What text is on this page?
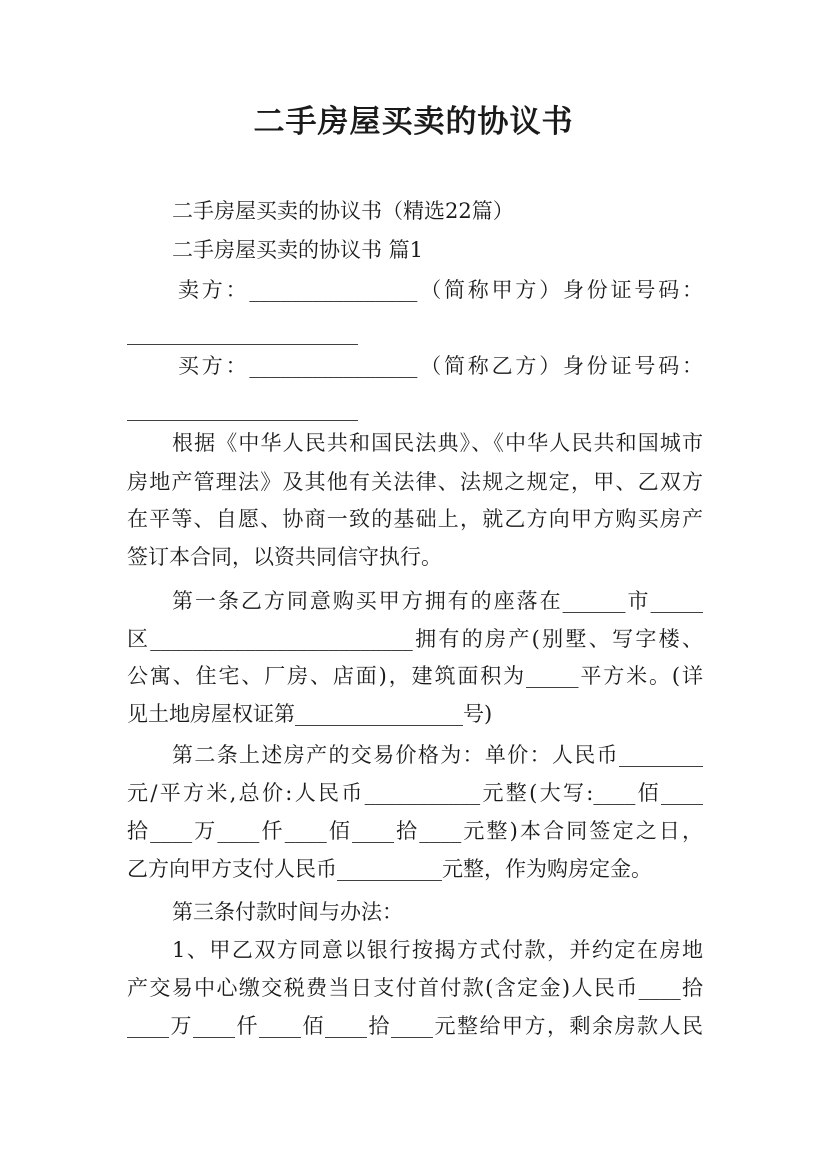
二手房屋买卖的协议书
二手房屋买卖的协议书（精选22篇）
二手房屋买卖的协议书 篇1
卖方：________________（简称甲方）身份证号码：
______________________
买方：________________（简称乙方）身份证号码：
______________________
根据《中华人民共和国民法典》、《中华人民共和国城市
房地产管理法》及其他有关法律、法规之规定，甲、乙双方
在平等、自愿、协商一致的基础上，就乙方向甲方购买房产
签订本合同，以资共同信守执行。
第一条乙方同意购买甲方拥有的座落在______市_____
区_________________________拥有的房产(别墅、写字楼、
公寓、住宅、厂房、店面)，建筑面积为_____平方米。(详
见土地房屋权证第________________号)
第二条上述房产的交易价格为：单价：人民币________
元/平方米,总价:人民币___________元整(大写:____佰____
拾____万____仟____佰____拾____元整)本合同签定之日，
乙方向甲方支付人民币__________元整，作为购房定金。
第三条付款时间与办法：
1、甲乙双方同意以银行按揭方式付款，并约定在房地
产交易中心缴交税费当日支付首付款(含定金)人民币____拾
____万____仟____佰____拾____元整给甲方，剩余房款人民
